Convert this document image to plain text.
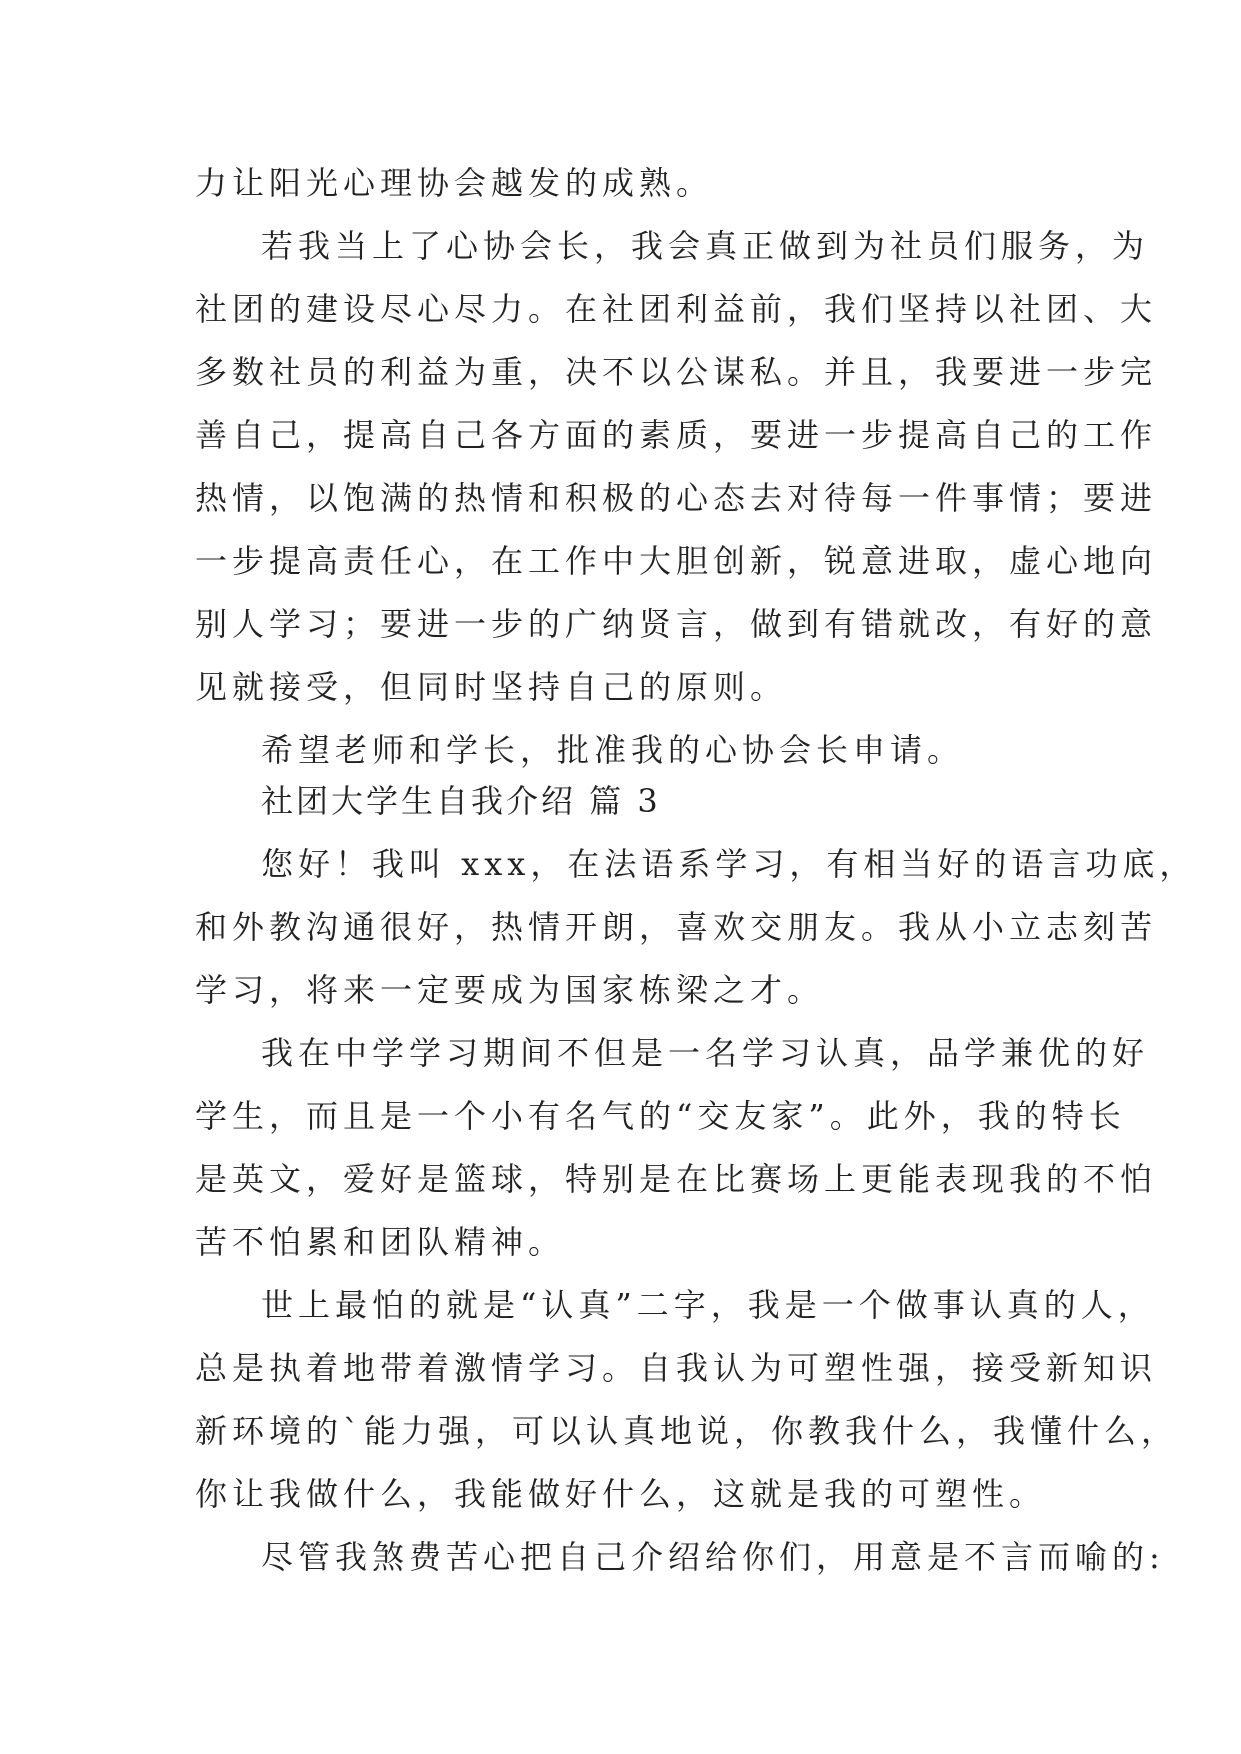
力让阳光心理协会越发的成熟。
若我当上了心协会长，我会真正做到为社员们服务，为
社团的建设尽心尽力。在社团利益前，我们坚持以社团、大
多数社员的利益为重，决不以公谋私。并且，我要进一步完
善自己，提高自己各方面的素质，要进一步提高自己的工作
热情，以饱满的热情和积极的心态去对待每一件事情；要进
一步提高责任心，在工作中大胆创新，锐意进取，虚心地向
别人学习；要进一步的广纳贤言，做到有错就改，有好的意
见就接受，但同时坚持自己的原则。
希望老师和学长，批准我的心协会长申请。
社团大学生自我介绍 篇 3
您好！我叫 xxx，在法语系学习，有相当好的语言功底，
和外教沟通很好，热情开朗，喜欢交朋友。我从小立志刻苦
学习，将来一定要成为国家栋梁之才。
我在中学学习期间不但是一名学习认真，品学兼优的好
学生，而且是一个小有名气的“交友家”。此外，我的特长
是英文，爱好是篮球，特别是在比赛场上更能表现我的不怕
苦不怕累和团队精神。
世上最怕的就是“认真”二字，我是一个做事认真的人，
总是执着地带着激情学习。自我认为可塑性强，接受新知识
新环境的`能力强，可以认真地说，你教我什么，我懂什么，
你让我做什么，我能做好什么，这就是我的可塑性。
尽管我煞费苦心把自己介绍给你们，用意是不言而喻的:
